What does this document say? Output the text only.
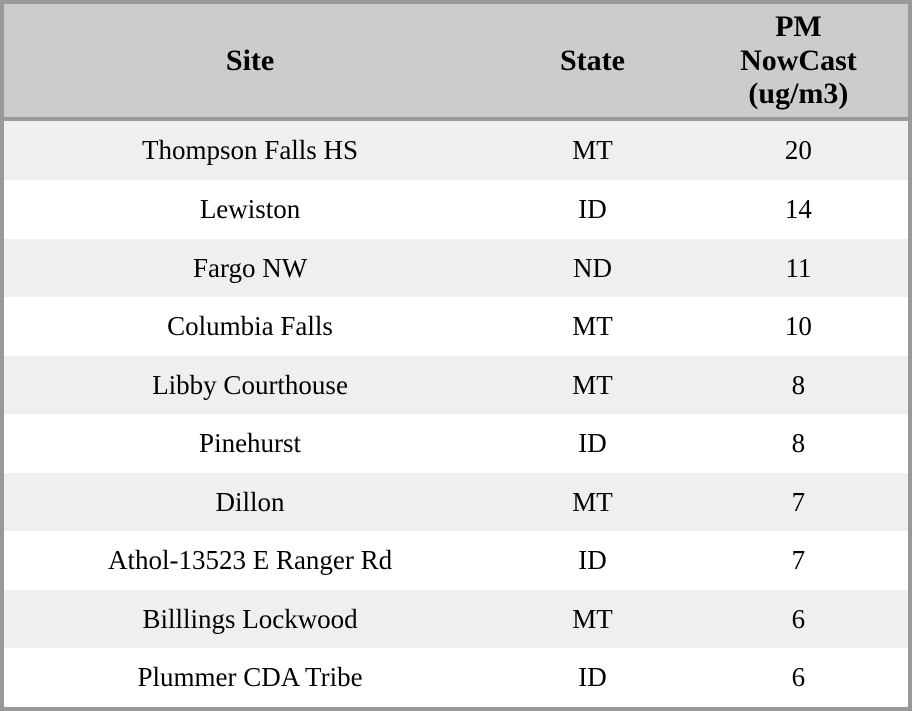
Site	State	PM
NowCast
(ug/m3)

Thompson Falls HS	MT	20
Lewiston	ID	14
Fargo NW	ND	11
Columbia Falls	MT	10
Libby Courthouse	MT	8
Pinehurst	ID	8
Dillon	MT	7
Athol-13523 E Ranger Rd	ID	7
Billlings Lockwood	MT	6
Plummer CDA Tribe	ID	6
